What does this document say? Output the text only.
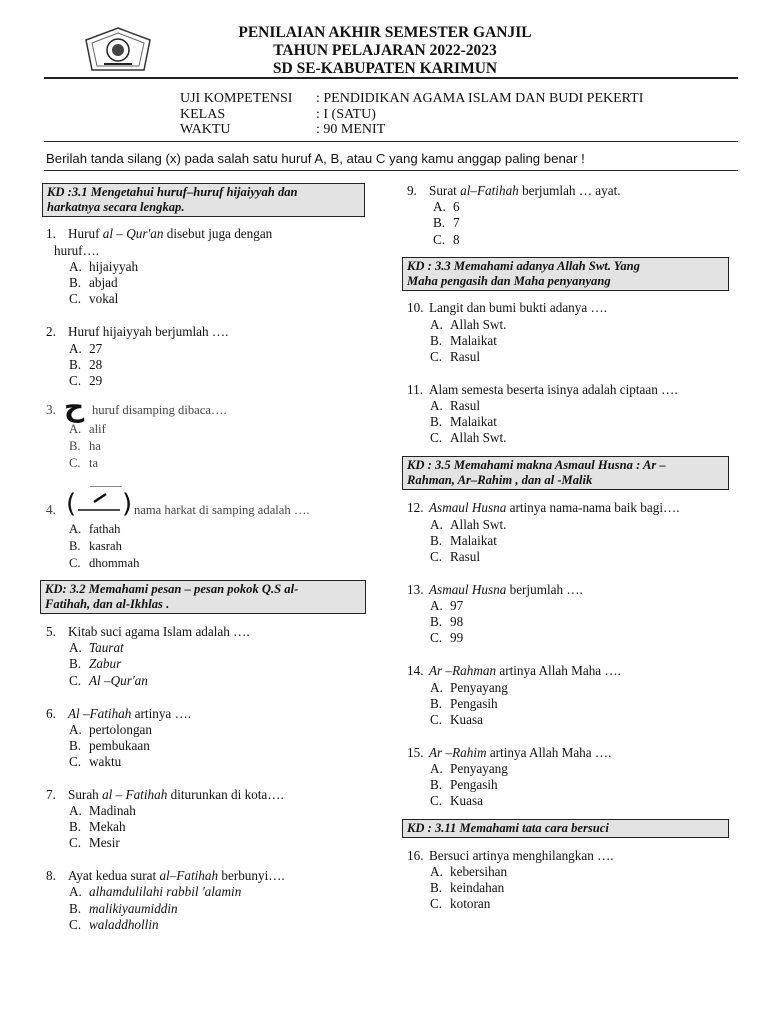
PENILAIAN AKHIR SEMESTER GANJIL
TAHUN PELAJARAN 2022-2023
SD SE-KABUPATEN KARIMUN
UJI KOMPETENSI : PENDIDIKAN AGAMA ISLAM DAN BUDI PEKERTI
KELAS	: I (SATU)
WAKTU	: 90 MENIT
Berilah tanda silang (x) pada salah satu huruf A, B, atau C yang kamu anggap paling benar !
KD :3.1 Mengetahui huruf–huruf hijaiyyah dan
harkatnya secara lengkap.
1. Huruf al – Qur'an disebut juga dengan
huruf….
A. hijaiyyah
B. abjad
C. vokal
2. Huruf hijaiyyah berjumlah ….
A. 27
B. 28
C. 29
3. ح huruf disamping dibaca….
A. alif
B. ha
C. ta
4. ( ) nama harkat di samping adalah ….
A. fathah
B. kasrah
C. dhommah
KD: 3.2 Memahami pesan – pesan pokok Q.S al-
Fatihah, dan al-Ikhlas .
5. Kitab suci agama Islam adalah ….
A. Taurat
B. Zabur
C. Al –Qur'an
6. Al –Fatihah artinya ….
A. pertolongan
B. pembukaan
C. waktu
7. Surah al – Fatihah diturunkan di kota….
A. Madinah
B. Mekah
C. Mesir
8. Ayat kedua surat al–Fatihah berbunyi….
A. alhamdulilahi rabbil 'alamin
B. malikiyaumiddin
C. waladdhollin
9. Surat al–Fatihah berjumlah … ayat.
A. 6
B. 7
C. 8
KD : 3.3 Memahami adanya Allah Swt. Yang
Maha pengasih dan Maha penyanyang
10. Langit dan bumi bukti adanya ….
A. Allah Swt.
B. Malaikat
C. Rasul
11. Alam semesta beserta isinya adalah ciptaan ….
A. Rasul
B. Malaikat
C. Allah Swt.
KD : 3.5 Memahami makna Asmaul Husna : Ar –
Rahman, Ar–Rahim , dan al -Malik
12. Asmaul Husna artinya nama-nama baik bagi….
A. Allah Swt.
B. Malaikat
C. Rasul
13. Asmaul Husna berjumlah ….
A. 97
B. 98
C. 99
14. Ar –Rahman artinya Allah Maha ….
A. Penyayang
B. Pengasih
C. Kuasa
15. Ar –Rahim artinya Allah Maha ….
A. Penyayang
B. Pengasih
C. Kuasa
KD : 3.11 Memahami tata cara bersuci
16. Bersuci artinya menghilangkan ….
A. kebersihan
B. keindahan
C. kotoran
